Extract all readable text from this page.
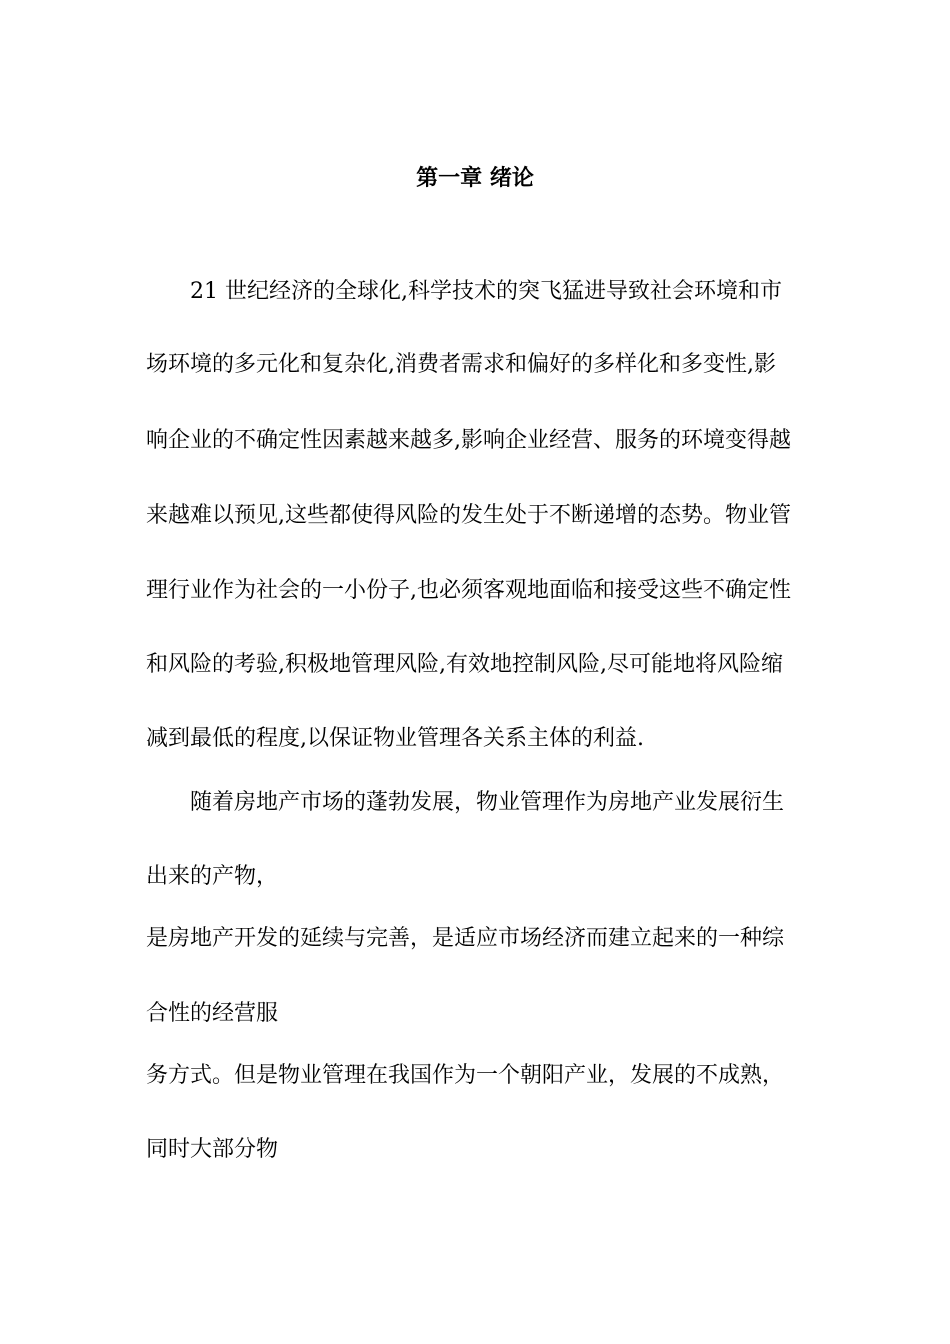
第一章 绪论
21 世纪经济的全球化,科学技术的突飞猛进导致社会环境和市
场环境的多元化和复杂化,消费者需求和偏好的多样化和多变性,影
响企业的不确定性因素越来越多,影响企业经营、服务的环境变得越
来越难以预见,这些都使得风险的发生处于不断递增的态势。物业管
理行业作为社会的一小份子,也必须客观地面临和接受这些不确定性
和风险的考验,积极地管理风险,有效地控制风险,尽可能地将风险缩
减到最低的程度,以保证物业管理各关系主体的利益.
随着房地产市场的蓬勃发展，物业管理作为房地产业发展衍生
出来的产物，
是房地产开发的延续与完善，是适应市场经济而建立起来的一种综
合性的经营服
务方式。但是物业管理在我国作为一个朝阳产业，发展的不成熟，
同时大部分物
